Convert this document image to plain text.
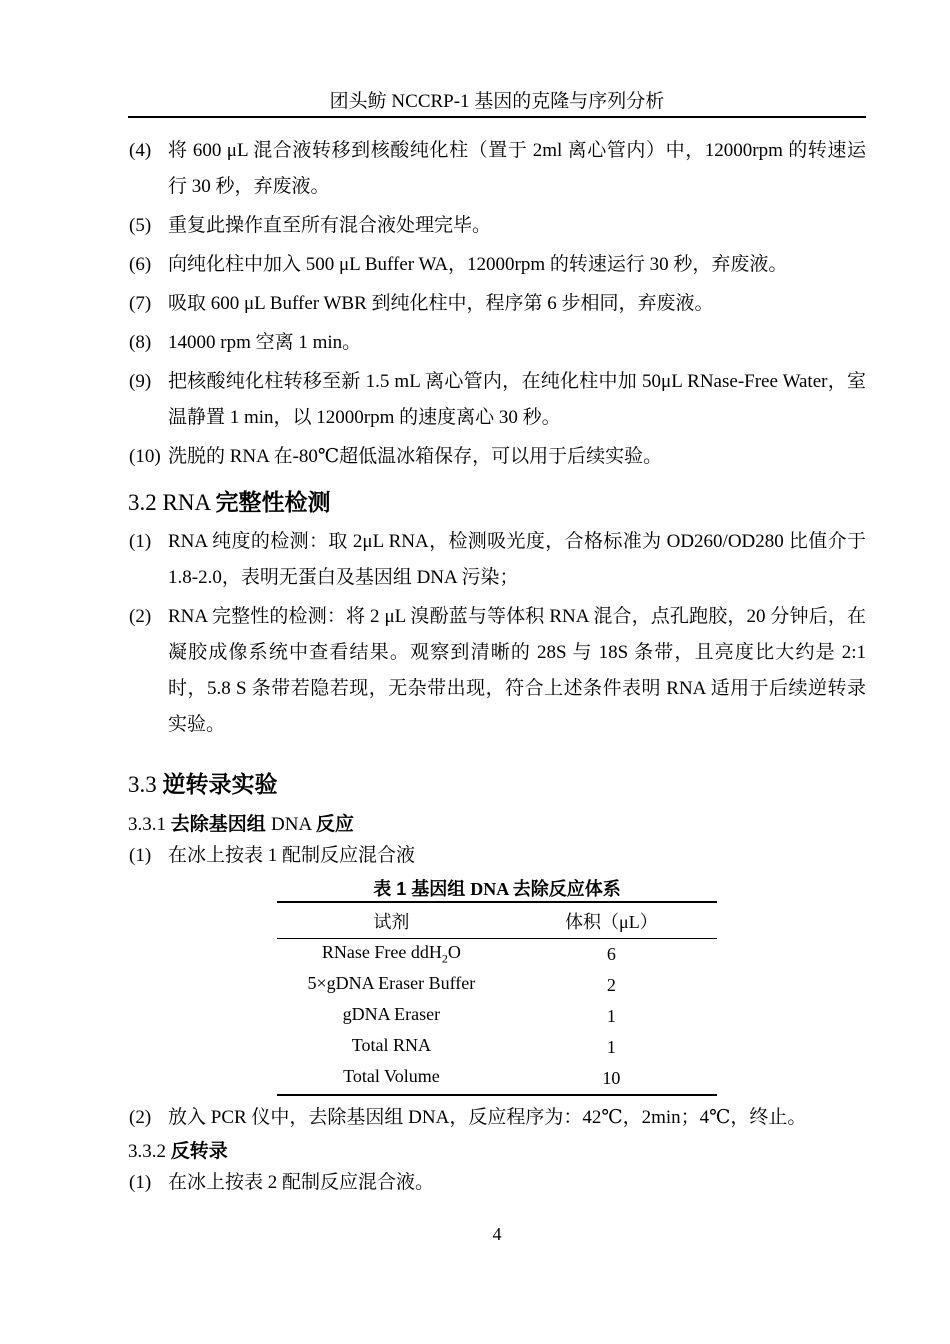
团头鲂 NCCRP-1 基因的克隆与序列分析
(4) 将 600 μL 混合液转移到核酸纯化柱（置于 2ml 离心管内）中，12000rpm 的转速运行 30 秒，弃废液。
(5) 重复此操作直至所有混合液处理完毕。
(6) 向纯化柱中加入 500 μL Buffer WA，12000rpm 的转速运行 30 秒，弃废液。
(7) 吸取 600 μL Buffer WBR 到纯化柱中，程序第 6 步相同，弃废液。
(8) 14000 rpm 空离 1 min。
(9) 把核酸纯化柱转移至新 1.5 mL 离心管内，在纯化柱中加 50μL RNase-Free Water，室温静置 1 min，以 12000rpm 的速度离心 30 秒。
(10) 洗脱的 RNA 在-80℃超低温冰箱保存，可以用于后续实验。
3.2 RNA 完整性检测
(1) RNA 纯度的检测：取 2μL RNA，检测吸光度，合格标准为 OD260/OD280 比值介于 1.8-2.0，表明无蛋白及基因组 DNA 污染；
(2) RNA 完整性的检测：将 2 μL 溴酚蓝与等体积 RNA 混合，点孔跑胶，20 分钟后，在凝胶成像系统中查看结果。观察到清晰的 28S 与 18S 条带，且亮度比大约是 2:1 时，5.8 S 条带若隐若现，无杂带出现，符合上述条件表明 RNA 适用于后续逆转录实验。
3.3 逆转录实验
3.3.1 去除基因组 DNA 反应
(1) 在冰上按表 1 配制反应混合液
表 1 基因组 DNA 去除反应体系
试剂	体积（μL）
RNase Free ddH$_2$O	6
5×gDNA Eraser Buffer	2
gDNA Eraser	1
Total RNA	1
Total Volume	10
(2) 放入 PCR 仪中，去除基因组 DNA，反应程序为：42℃，2min；4℃，终止。
3.3.2 反转录
(1) 在冰上按表 2 配制反应混合液。
4
